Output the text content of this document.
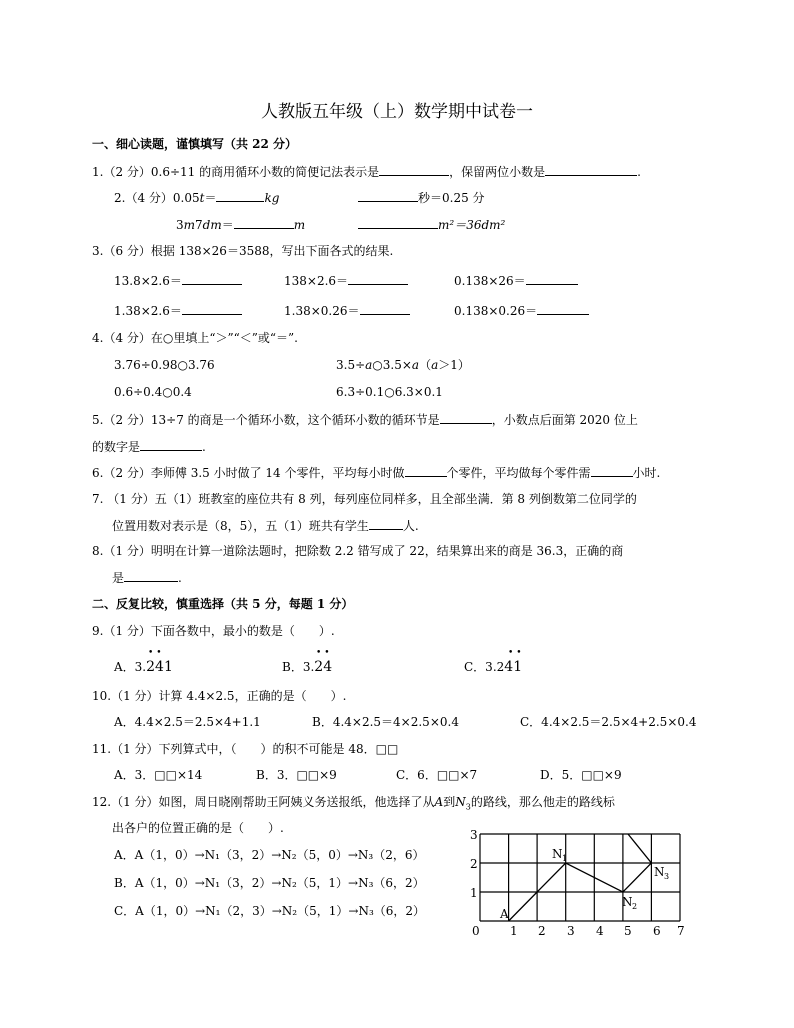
人教版五年级（上）数学期中试卷一
一、细心读题，谨慎填写（共 22 分）
1.（2 分）0.6÷11 的商用循环小数的简便记法表示是	，保留两位小数是	.
2.（4 分）0.05t＝	kg	秒＝0.25 分
3m7dm＝	m	m²＝36dm²
3.（6 分）根据 138×26＝3588，写出下面各式的结果.
13.8×2.6＝	138×2.6＝	0.138×26＝
1.38×2.6＝	1.38×0.26＝	0.138×0.26＝
4.（4 分）在○里填上“＞”“＜”或“＝”.
3.76÷0.98○3.76	3.5÷a○3.5×a（a＞1）
0.6÷0.4○0.4	6.3÷0.1○6.3×0.1
5.（2 分）13÷7 的商是一个循环小数，这个循环小数的循环节是	，小数点后面第 2020 位上
的数字是	.
6.（2 分）李师傅 3.5 小时做了 14 个零件，平均每小时做	个零件，平均做每个零件需	小时.
7. （1 分）五（1）班教室的座位共有 8 列，每列座位同样多，且全部坐满．第 8 列倒数第二位同学的
位置用数对表示是（8，5），五（1）班共有学生	人.
8.（1 分）明明在计算一道除法题时，把除数 2.2 错写成了 22，结果算出来的商是 36.3，正确的商
是	.
二、反复比较，慎重选择（共 5 分，每题 1 分）
9.（1 分）下面各数中，最小的数是（　　）.
••
A．3.241
••
B．3.24
••
C．3.241
10.（1 分）计算 4.4×2.5，正确的是（　　）.
A．4.4×2.5＝2.5×4+1.1	B．4.4×2.5＝4×2.5×0.4	C．4.4×2.5＝2.5×4+2.5×0.4
11.（1 分）下列算式中，（　　）的积不可能是 48．□□
A．3．□□×14	B．3．□□×9	C．6．□□×7	D．5．□□×9
12.（1 分）如图，周日晓刚帮助王阿姨义务送报纸，他选择了从A到$N_3$的路线，那么他走的路线标
出各户的位置正确的是（　　）.
A．A（1，0）→N₁（3，2）→N₂（5，0）→N₃（2，6）
B．A（1，0）→N₁（3，2）→N₂（5，1）→N₃（6，2）
C．A（1，0）→N₁（2，3）→N₂（5，1）→N₃（6，2）
0	1 2 3 4 5 6 7
1
2
3
A
N 1
N 2
N 3
